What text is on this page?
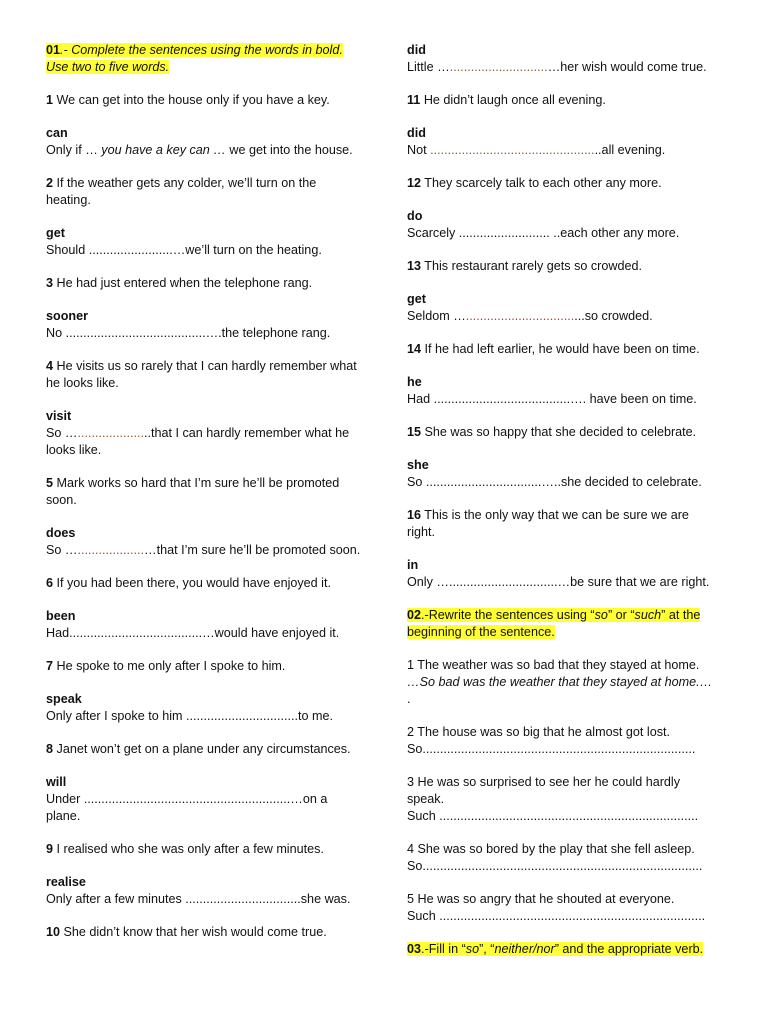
01.- Complete the sentences using the words in bold.

Use two to five words.

1 We can get into the house only if you have a key.

can

Only if … you have a key can … we get into the house.

2 If the weather gets any colder, we’ll turn on the

heating.

get

Should ........................…we’ll turn on the heating.

3 He had just entered when the telephone rang.

sooner

No ........................................….the telephone rang.

4 He visits us so rarely that I can hardly remember what

he looks like.

visit

So ….....................that I can hardly remember what he

looks like.

5 Mark works so hard that I’m sure he’ll be promoted

soon.

does

So …...................…that I’m sure he’ll be promoted soon.

6 If you had been there, you would have enjoyed it.

been

Had......................................…would have enjoyed it.

7 He spoke to me only after I spoke to him.

speak

Only after I spoke to him ................................to me.

8 Janet won’t get on a plane under any circumstances.

will

Under ...........................................................…on a plane.

9 I realised who she was only after a few minutes.

realise

Only after a few minutes .................................she was.

10 She didn’t know that her wish would come true.

did

Little …............................…her wish would come true.

11 He didn’t laugh once all evening.

did

Not .................................................all evening.

12 They scarcely talk to each other any more.

do

Scarcely .......................... ..each other any more.

13 This restaurant rarely gets so crowded.

get

Seldom …..................................so crowded.

14 If he had left earlier, he would have been on time.

he

Had .......................................…. have been on time.

15 She was so happy that she decided to celebrate.

she

So .................................…..she decided to celebrate.

16 This is the only way that we can be sure we are

right.

in

Only …...............................…be sure that we are right.

02.-Rewrite the sentences using “so” or “such” at the

beginning of the sentence.

1 The weather was so bad that they stayed at home.

…So bad was the weather that they stayed at home.…

.

2 The house was so big that he almost got lost.

So..............................................................................

3 He was so surprised to see her he could hardly

speak.

Such ..........................................................................

4 She was so bored by the play that she fell asleep.

So................................................................................

5 He was so angry that he shouted at everyone.

Such ............................................................................

03.-Fill in “so”, “neither/nor” and the appropriate verb.
